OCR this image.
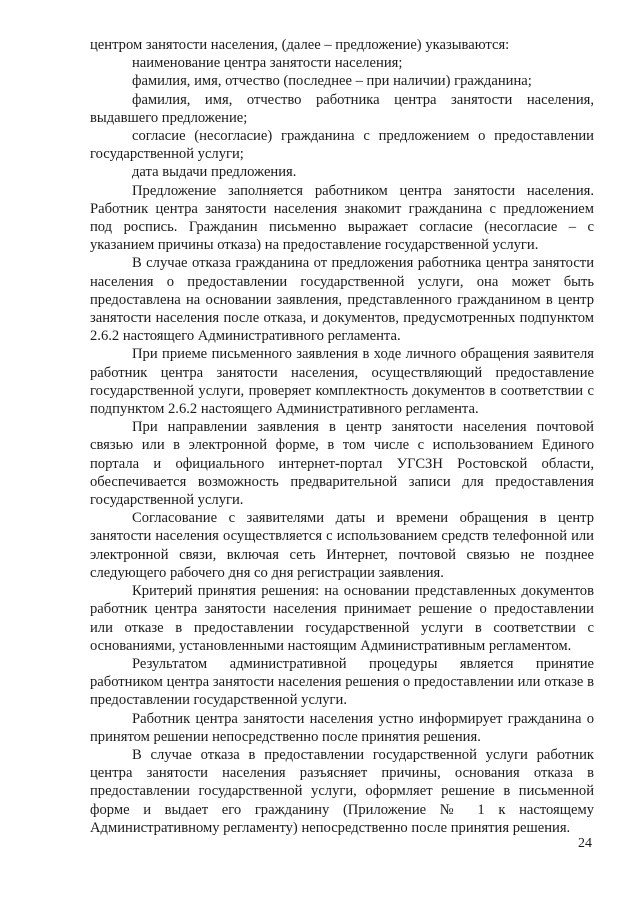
центром занятости населения, (далее – предложение) указываются:

наименование центра занятости населения;

фамилия, имя, отчество (последнее – при наличии) гражданина;

фамилия, имя, отчество работника центра занятости населения, выдавшего предложение;

согласие (несогласие) гражданина с предложением о предоставлении государственной услуги;

дата выдачи предложения.

Предложение заполняется работником центра занятости населения. Работник центра занятости населения знакомит гражданина с предложением под роспись. Гражданин письменно выражает согласие (несогласие – с указанием причины отказа) на предоставление государственной услуги.

В случае отказа гражданина от предложения работника центра занятости населения о предоставлении государственной услуги, она может быть предоставлена на основании заявления, представленного гражданином в центр занятости населения после отказа, и документов, предусмотренных подпунктом 2.6.2 настоящего Административного регламента.

При приеме письменного заявления в ходе личного обращения заявителя работник центра занятости населения, осуществляющий предоставление государственной услуги, проверяет комплектность документов в соответствии с подпунктом 2.6.2 настоящего Административного регламента.

При направлении заявления в центр занятости населения почтовой связью или в электронной форме, в том числе с использованием Единого портала и официального интернет-портал УГСЗН Ростовской области, обеспечивается возможность предварительной записи для предоставления государственной услуги.

Согласование с заявителями даты и времени обращения в центр занятости населения осуществляется с использованием средств телефонной или электронной связи, включая сеть Интернет, почтовой связью не позднее следующего рабочего дня со дня регистрации заявления.

Критерий принятия решения: на основании представленных документов работник центра занятости населения принимает решение о предоставлении или отказе в предоставлении государственной услуги в соответствии с основаниями, установленными настоящим Административным регламентом.

Результатом административной процедуры является принятие работником центра занятости населения решения о предоставлении или отказе в предоставлении государственной услуги.

Работник центра занятости населения устно информирует гражданина о принятом решении непосредственно после принятия решения.

В случае отказа в предоставлении государственной услуги работник центра занятости населения разъясняет причины, основания отказа в предоставлении государственной услуги, оформляет решение в письменной форме и выдает его гражданину (Приложение № 1 к настоящему Административному регламенту) непосредственно после принятия решения.

24
